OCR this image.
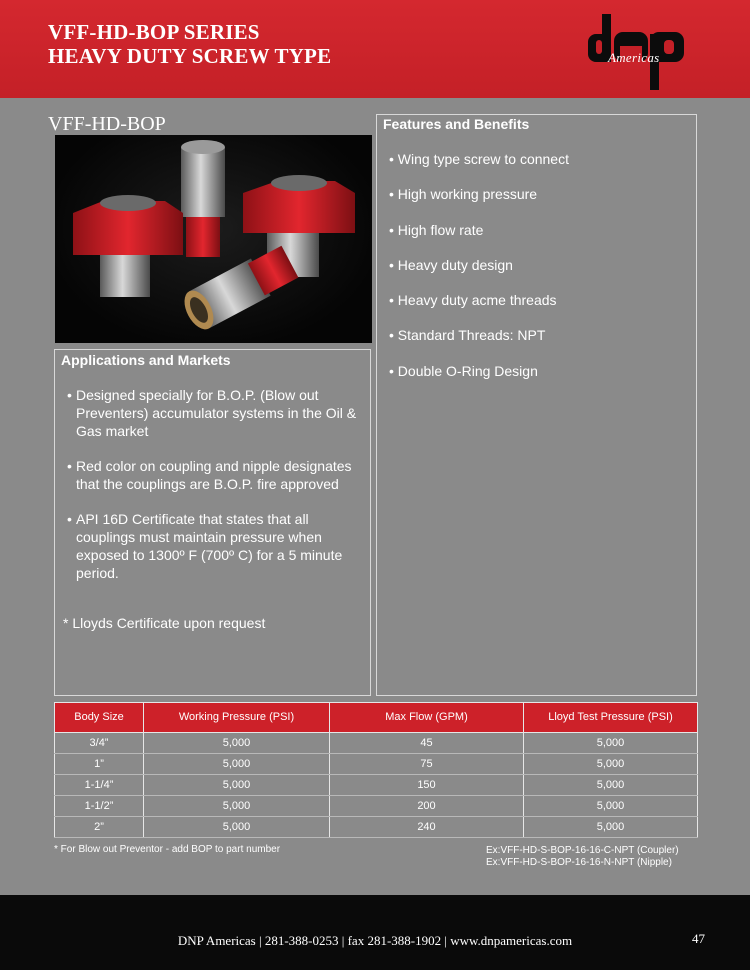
VFF-HD-BOP SERIES
HEAVY DUTY SCREW TYPE	Americas
VFF-HD-BOP	Features and Benefits
• Wing type screw to connect
• High working pressure
• High flow rate
• Heavy duty design
• Heavy duty acme threads
• Standard Threads: NPT
• Double O-Ring Design
Applications and Markets
• Designed specially for B.O.P. (Blow out Preventers) accumulator systems in the Oil & Gas market
• Red color on coupling and nipple designates that the couplings are B.O.P. fire approved
• API 16D Certificate that states that all couplings must maintain pressure when exposed to 1300º F (700º C) for a 5 minute period.
* Lloyds Certificate upon request
Body Size	Working Pressure (PSI)	Max Flow (GPM)	Lloyd Test Pressure (PSI)
3/4”	5,000	45	5,000
1”	5,000	75	5,000
1-1/4”	5,000	150	5,000
1-1/2”	5,000	200	5,000
2”	5,000	240	5,000
* For Blow out Preventor - add BOP to part number	Ex:VFF-HD-S-BOP-16-16-C-NPT (Coupler)
Ex:VFF-HD-S-BOP-16-16-N-NPT (Nipple)
DNP Americas | 281-388-0253 | fax 281-388-1902 | www.dnpamericas.com	47
